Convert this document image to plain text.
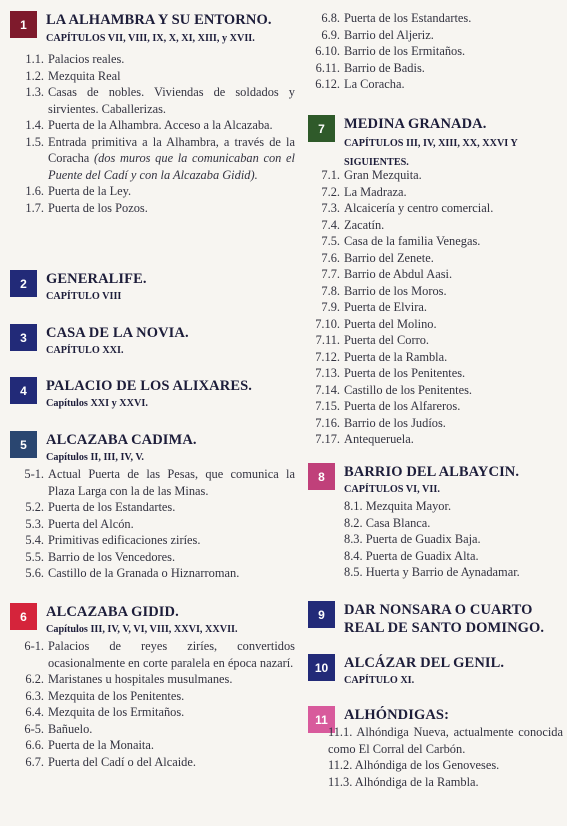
1	LA ALHAMBRA Y SU ENTORNO.
CAPÍTULOS VII, VIII, IX, X, XI, XIII, y XVII.
1.1. Palacios reales.
1.2. Mezquita Real
1.3. Casas de nobles. Viviendas de soldados y sirvientes. Caballerizas.
1.4. Puerta de la Alhambra. Acceso a la Alcazaba.
1.5. Entrada primitiva a la Alhambra, a través de la Coracha (dos muros que la comunicaban con el Puente del Cadí y con la Alcazaba Gidid).
1.6. Puerta de la Ley.
1.7. Puerta de los Pozos.
2	GENERALIFE.
CAPÍTULO VIII
3	CASA DE LA NOVIA.
CAPÍTULO XXI.
4	PALACIO DE LOS ALIXARES.
Capítulos XXI y XXVI.
5	ALCAZABA CADIMA.
Capítulos II, III, IV, V.
5-1. Actual Puerta de las Pesas, que comunica la Plaza Larga con la de las Minas.
5.2. Puerta de los Estandartes.
5.3. Puerta del Alcón.
5.4. Primitivas edificaciones ziríes.
5.5. Barrio de los Vencedores.
5.6. Castillo de la Granada o Hiznarroman.
6	ALCAZABA GIDID.
Capítulos III, IV, V, VI, VIII, XXVI, XXVII.
6-1. Palacios de reyes ziríes, convertidos ocasionalmente en corte paralela en época nazarí.
6.2. Maristanes u hospitales musulmanes.
6.3. Mezquita de los Penitentes.
6.4. Mezquita de los Ermitaños.
6-5. Bañuelo.
6.6. Puerta de la Monaita.
6.7. Puerta del Cadí o del Alcaide.
6.8. Puerta de los Estandartes.
6.9. Barrio del Aljeriz.
6.10. Barrio de los Ermitaños.
6.11. Barrio de Badis.
6.12. La Coracha.
7	MEDINA GRANADA.
CAPÍTULOS III, IV, XIII, XX, XXVI Y SIGUIENTES.
7.1. Gran Mezquita.
7.2. La Madraza.
7.3. Alcaicería y centro comercial.
7.4. Zacatín.
7.5. Casa de la familia Venegas.
7.6. Barrio del Zenete.
7.7. Barrio de Abdul Aasi.
7.8. Barrio de los Moros.
7.9. Puerta de Elvira.
7.10. Puerta del Molino.
7.11. Puerta del Corro.
7.12. Puerta de la Rambla.
7.13. Puerta de los Penitentes.
7.14. Castillo de los Penitentes.
7.15. Puerta de los Alfareros.
7.16. Barrio de los Judíos.
7.17. Antequeruela.
8	BARRIO DEL ALBAYCIN.
CAPÍTULOS VI, VII.
8.1. Mezquita Mayor.
8.2. Casa Blanca.
8.3. Puerta de Guadix Baja.
8.4. Puerta de Guadix Alta.
8.5. Huerta y Barrio de Aynadamar.
9	DAR NONSARA O CUARTO REAL DE SANTO DOMINGO.
10	ALCÁZAR DEL GENIL.
CAPÍTULO XI.
11	ALHÓNDIGAS:
11.1. Alhóndiga Nueva, actualmente conocida como El Corral del Carbón.
11.2. Alhóndiga de los Genoveses.
11.3. Alhóndiga de la Rambla.
